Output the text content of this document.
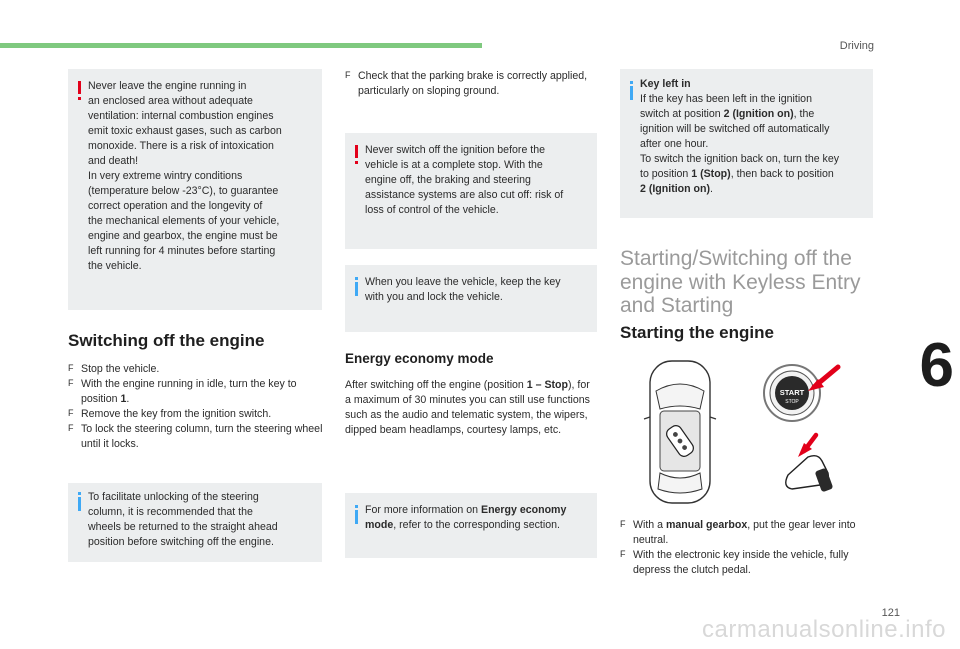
Driving
6
121
carmanualsonline.info

Never leave the engine running in

an enclosed area without adequate

ventilation: internal combustion engines

emit toxic exhaust gases, such as carbon

monoxide. There is a risk of intoxication

and death!

In very extreme wintry conditions

(temperature below -23°C), to guarantee

correct operation and the longevity of

the mechanical elements of your vehicle,

engine and gearbox, the engine must be

left running for 4 minutes before starting

the vehicle.

Switching off the engine
F Stop the vehicle.
F With the engine running in idle, turn the key to position 1.
F Remove the key from the ignition switch.
F To lock the steering column, turn the steering wheel until it locks.

To facilitate unlocking of the steering

column, it is recommended that the

wheels be returned to the straight ahead

position before switching off the engine.

F Check that the parking brake is correctly applied, particularly on sloping ground.

Never switch off the ignition before the

vehicle is at a complete stop. With the

engine off, the braking and steering

assistance systems are also cut off: risk of

loss of control of the vehicle.

When you leave the vehicle, keep the key

with you and lock the vehicle.

Energy economy mode
After switching off the engine (position 1 – Stop), for a maximum of 30 minutes you can still use functions such as the audio and telematic system, the wipers, dipped beam headlamps, courtesy lamps, etc.

For more information on Energy economy mode, refer to the corresponding section.

Key left in

If the key has been left in the ignition

switch at position 2 (Ignition on), the

ignition will be switched off automatically

after one hour.

To switch the ignition back on, turn the key

to position 1 (Stop), then back to position

2 (Ignition on).

Starting/Switching off the
engine with Keyless Entry
and Starting
Starting the engine
START
STOP
F With a manual gearbox, put the gear lever into neutral.
F With the electronic key inside the vehicle, fully depress the clutch pedal.
